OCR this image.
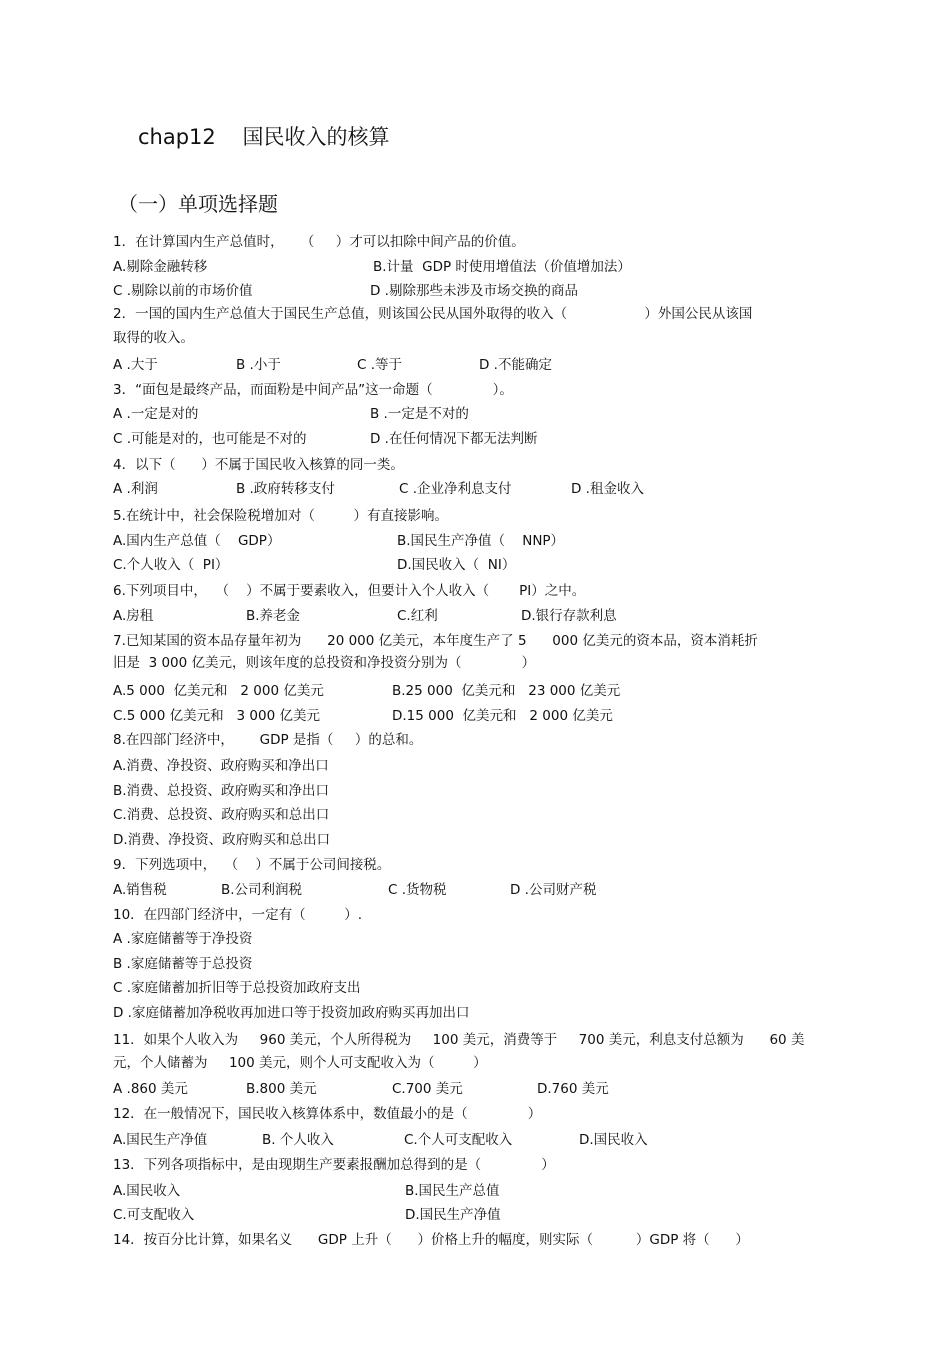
chap12    国民收入的核算
（一）单项选择题
1．在计算国内生产总值时，    （     ）才可以扣除中间产品的价值。
A.剔除金融转移	B.计量  GDP 时使用增值法（价值增加法）
C .剔除以前的市场价值	D .剔除那些未涉及市场交换的商品
2．一国的国内生产总值大于国民生产总值，则该国公民从国外取得的收入（                  ）外国公民从该国
取得的收入。
A .大于	B .小于	C .等于	D .不能确定
3．“面包是最终产品，而面粉是中间产品”这一命题（              ）。
A .一定是对的	B .一定是不对的
C .可能是对的，也可能是不对的	D .在任何情况下都无法判断
4．以下（      ）不属于国民收入核算的同一类。
A .利润	B .政府转移支付	C .企业净利息支付	D .租金收入
5.在统计中，社会保险税增加对（         ）有直接影响。
A.国内生产总值（    GDP）	B.国民生产净值（    NNP）
C.个人收入（  PI）	D.国民收入（  NI）
6.下列项目中，  （    ）不属于要素收入，但要计入个人收入（       PI）之中。
A.房租	B.养老金	C.红利	D.银行存款利息
7.已知某国的资本品存量年初为      20 000 亿美元，本年度生产了 5      000 亿美元的资本品，资本消耗折
旧是  3 000 亿美元，则该年度的总投资和净投资分别为（              ）
A.5 000  亿美元和   2 000 亿美元	B.25 000  亿美元和   23 000 亿美元
C.5 000 亿美元和   3 000 亿美元	D.15 000  亿美元和   2 000 亿美元
8.在四部门经济中，      GDP 是指（     ）的总和。
A.消费、净投资、政府购买和净出口
B.消费、总投资、政府购买和净出口
C.消费、总投资、政府购买和总出口
D.消费、净投资、政府购买和总出口
9．下列选项中，  （    ）不属于公司间接税。
A.销售税	B.公司利润税	C .货物税	D .公司财产税
10．在四部门经济中，一定有（         ）.
A .家庭储蓄等于净投资
B .家庭储蓄等于总投资
C .家庭储蓄加折旧等于总投资加政府支出
D .家庭储蓄加净税收再加进口等于投资加政府购买再加出口
11．如果个人收入为     960 美元，个人所得税为     100 美元，消费等于     700 美元，利息支付总额为      60 美
元，个人储蓄为     100 美元，则个人可支配收入为（         ）
A .860 美元	B.800 美元	C.700 美元	D.760 美元
12．在一般情况下，国民收入核算体系中，数值最小的是（              ）
A.国民生产净值	B. 个人收入	C.个人可支配收入	D.国民收入
13．下列各项指标中，是由现期生产要素报酬加总得到的是（              ）
A.国民收入	B.国民生产总值
C.可支配收入	D.国民生产净值
14．按百分比计算，如果名义      GDP 上升（      ）价格上升的幅度，则实际（          ）GDP 将（      ）
